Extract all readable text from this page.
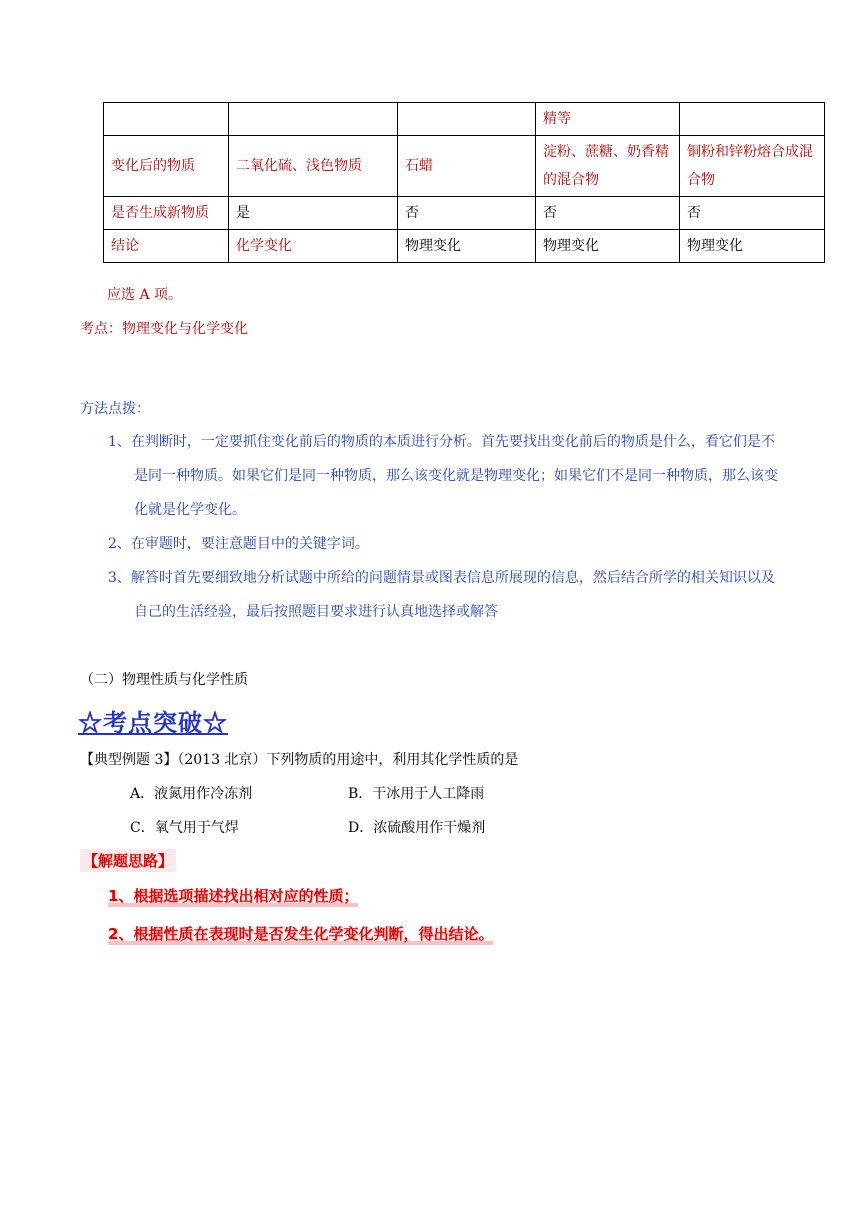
			精等	
变化后的物质	二氧化硫、浅色物质	石蜡	淀粉、蔗糖、奶香精的混合物	铜粉和锌粉熔合成混合物
是否生成新物质	是	否	否	否
结论	化学变化	物理变化	物理变化	物理变化
应选 A 项。
考点：物理变化与化学变化
方法点拨：
1、在判断时，一定要抓住变化前后的物质的本质进行分析。首先要找出变化前后的物质是什么，看它们是不是同一种物质。如果它们是同一种物质，那么该变化就是物理变化；如果它们不是同一种物质，那么该变化就是化学变化。
2、在审题时，要注意题目中的关键字词。
3、解答时首先要细致地分析试题中所给的问题情景或图表信息所展现的信息，然后结合所学的相关知识以及自己的生活经验，最后按照题目要求进行认真地选择或解答
（二）物理性质与化学性质
☆考点突破☆
【典型例题 3】（2013 北京）下列物质的用途中，利用其化学性质的是
A．液氮用作冷冻剂	B．干冰用于人工降雨
C．氧气用于气焊	D．浓硫酸用作干燥剂
【解题思路】
1、根据选项描述找出相对应的性质；
2、根据性质在表现时是否发生化学变化判断，得出结论。
